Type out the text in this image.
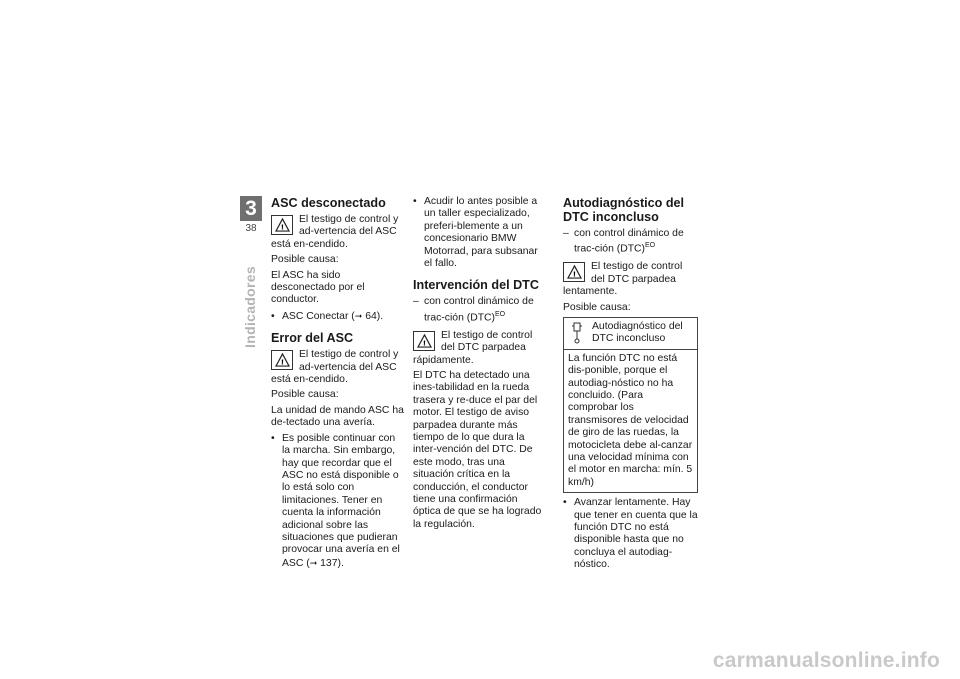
3
38
Indicadores
ASC desconectado
!
El testigo de control y ad-vertencia del ASC está en-cendido.

Posible causa:

El ASC ha sido desconectado por el conductor.

• ASC Conectar (➞ 64).
Error del ASC
!
El testigo de control y ad-vertencia del ASC está en-cendido.

Posible causa:

La unidad de mando ASC ha de-tectado una avería.

• Es posible continuar con la marcha. Sin embargo, hay que recordar que el ASC no está disponible o lo está solo con limitaciones. Tener en cuenta la información adicional sobre las situaciones que pudieran provocar una avería en el ASC (➞ 137).
• Acudir lo antes posible a un taller especializado, preferi-blemente a un concesionario BMW Motorrad, para subsanar el fallo.
Intervención del DTC
– con control dinámico de trac-ción (DTC)$^{EO}$
!
El testigo de control del DTC parpadea rápidamente.

El DTC ha detectado una ines-tabilidad en la rueda trasera y re-duce el par del motor. El testigo de aviso parpadea durante más tiempo de lo que dura la inter-vención del DTC. De este modo, tras una situación crítica en la conducción, el conductor tiene una confirmación óptica de que se ha logrado la regulación.

Autodiagnóstico del DTC inconcluso
– con control dinámico de trac-ción (DTC)$^{EO}$
!
El testigo de control del DTC parpadea lentamente.

Posible causa:

Autodiagnóstico del DTC inconcluso
La función DTC no está dis-ponible, porque el autodiag-nóstico no ha concluido. (Para comprobar los transmisores de velocidad de giro de las ruedas, la motocicleta debe al-canzar una velocidad mínima con el motor en marcha: mín. 5 km/h)
• Avanzar lentamente. Hay que tener en cuenta que la función DTC no está disponible hasta que no concluya el autodiag-nóstico.
carmanualsonline.info
